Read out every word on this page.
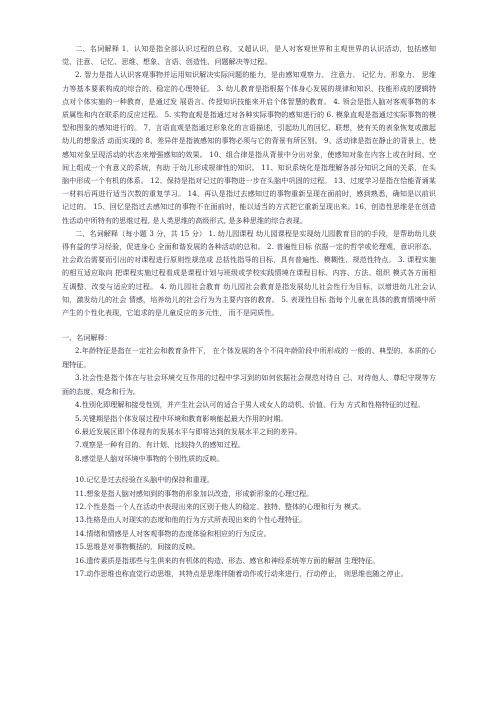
二、名词解释 1．认知是指全部认识过程的总称，又超认识，是人对客观世界和主观世界的认识活动，包括感知觉、注意、 记忆、思维、想象、言语、创造性、问题解决等过程。

2. 智力是指人认识客观事物并运用知识解决实际问题的能力，是由感知观察力、 注意力、 记忆力、形象力、 思维力等基本要素构成的综合的、稳定的心理特征。 3. 幼儿教育是指根据个体身心发展的规律和知识、技能形成的逻辑特点对个体实施的一种教育，是通过发 展语言、传授知识技能来开启个体智慧的教育。 4. 领会是指人脑对客观事物的本质属性和内在联系的反应过程。 5. 实物直观是指通过对各种实际事物的感知进行的 6. 模象直观是指通过实际事物的模型和图象的感知进行的。 7、言语直观是指通过形象化的言语描述，引起幼儿的回忆、联想，使有关的表象恢复或激起幼儿的想象活 动而实现的 8、差异伴是指被感知的事物必须与它的背景有所区别。 9、活动律是指在静止的背景上，使感知对象呈现活动的状态来增强感知的效果。 10、组合律是指从背景中分出对象，使感知对象在内容上或在时间、空间上组成一个有意义的系统，有助 于幼儿形成规律性的知识。 11、知识系统化是指理解各部分知识之间的关系，在头脑中形成一个有机的体系。 12、保持是指对记过的事物进一步在头脑中巩固的过程。 13、过度学习是指在恰能背诵某一材料后再进行适当次数的重复学习。 14、再认是指过去感知过的事物重新呈现在面前时，感到熟悉，确知是以前识记过的。 15、回忆是指过去感知过的事物不在面前时，能以适当的方式把它重新呈现出来。16、创造性思维是在创造性活动中所特有的思维过程, 是人类思维的高级形式, 是多种思维的综合表现。

二、名词解释（每小题 3 分，共 15 分） 1. 幼儿园课程 幼儿园课程是实现幼儿园教育目的的手段，是帮助幼儿获得有益的学习经验，促进身心 全面和谐发展的各种活动的总和。 2. 普遍性目标 依据一定的哲学或伦理观、意识形态、社会政治需要而引出的对课程进行原则性规范或 总括性指导的目标，具有普遍性、模糊性、规范性特点。 3. 课程实施的相互适应取向 把课程实施过程看成是课程计划与班级或学校实践情境在课程目标、内容、方法、组织 模式各方面相互调整、改变与适应的过程。 4. 幼儿园社会教育 幼儿园社会教育是指发展幼儿社会性行为目标，以增进幼儿社会认知，激发幼儿的社会 情感，培养幼儿的社会行为为主要内容的教育。 5. 表现性目标 指每个儿童在具体的教育情境中所产生的个性化表现，它追求的是儿童反应的多元性， 而不是同质性。

一、名词解释：

2.年龄特征是指在一定社会和教育条件下， 在个体发展的各个不同年龄阶段中所形成的 一般的、典型的、本质的心理特征。

3.社会性是指个体在与社会环境交互作用的过程中学习到的如何依据社会规范对待自 己、对待他人、尊纪守规等方面的态度、观念和行为。

4.性别化即理解和接受性别，并产生社会认可的适合于男人或女人的动机、价值、行为 方式和性格特征的过程。

5.关键期是指个体发展过程中环境和教育影响能起最大作用的时期。

6.最近发展区即个体现有的发展水平与即将达到的发展水平之间的差异。

7.观察是一种有目的、有计划、比较持久的感知过程。

8.感觉是人脑对环境中事物的个别性质的反映。

10.记忆是过去经验在头脑中的保持和重现。

11.想象是指人脑对感知到的事物的形象加以改造，形成新形象的心理过程。

12.个性是指一个人在活动中表现出来的区别于他人的稳定、独特、整体的心理和行为 模式。

13.性格是由人对现实的态度和他的行为方式所表现出来的个性心理特征。

14.情绪和情感是人对客观事物的态度体验和相应的行为反应。

15.思维是对事物概括的、间接的反映。

16.遗传素质是指那些与生俱来的有机体的构造、形态、感官和神经系统等方面的解剖 生理特征。

17.动作思维也称直觉行动思维，其特点是思维伴随着动作或行动来进行，行动停止， 则思维也随之停止。
